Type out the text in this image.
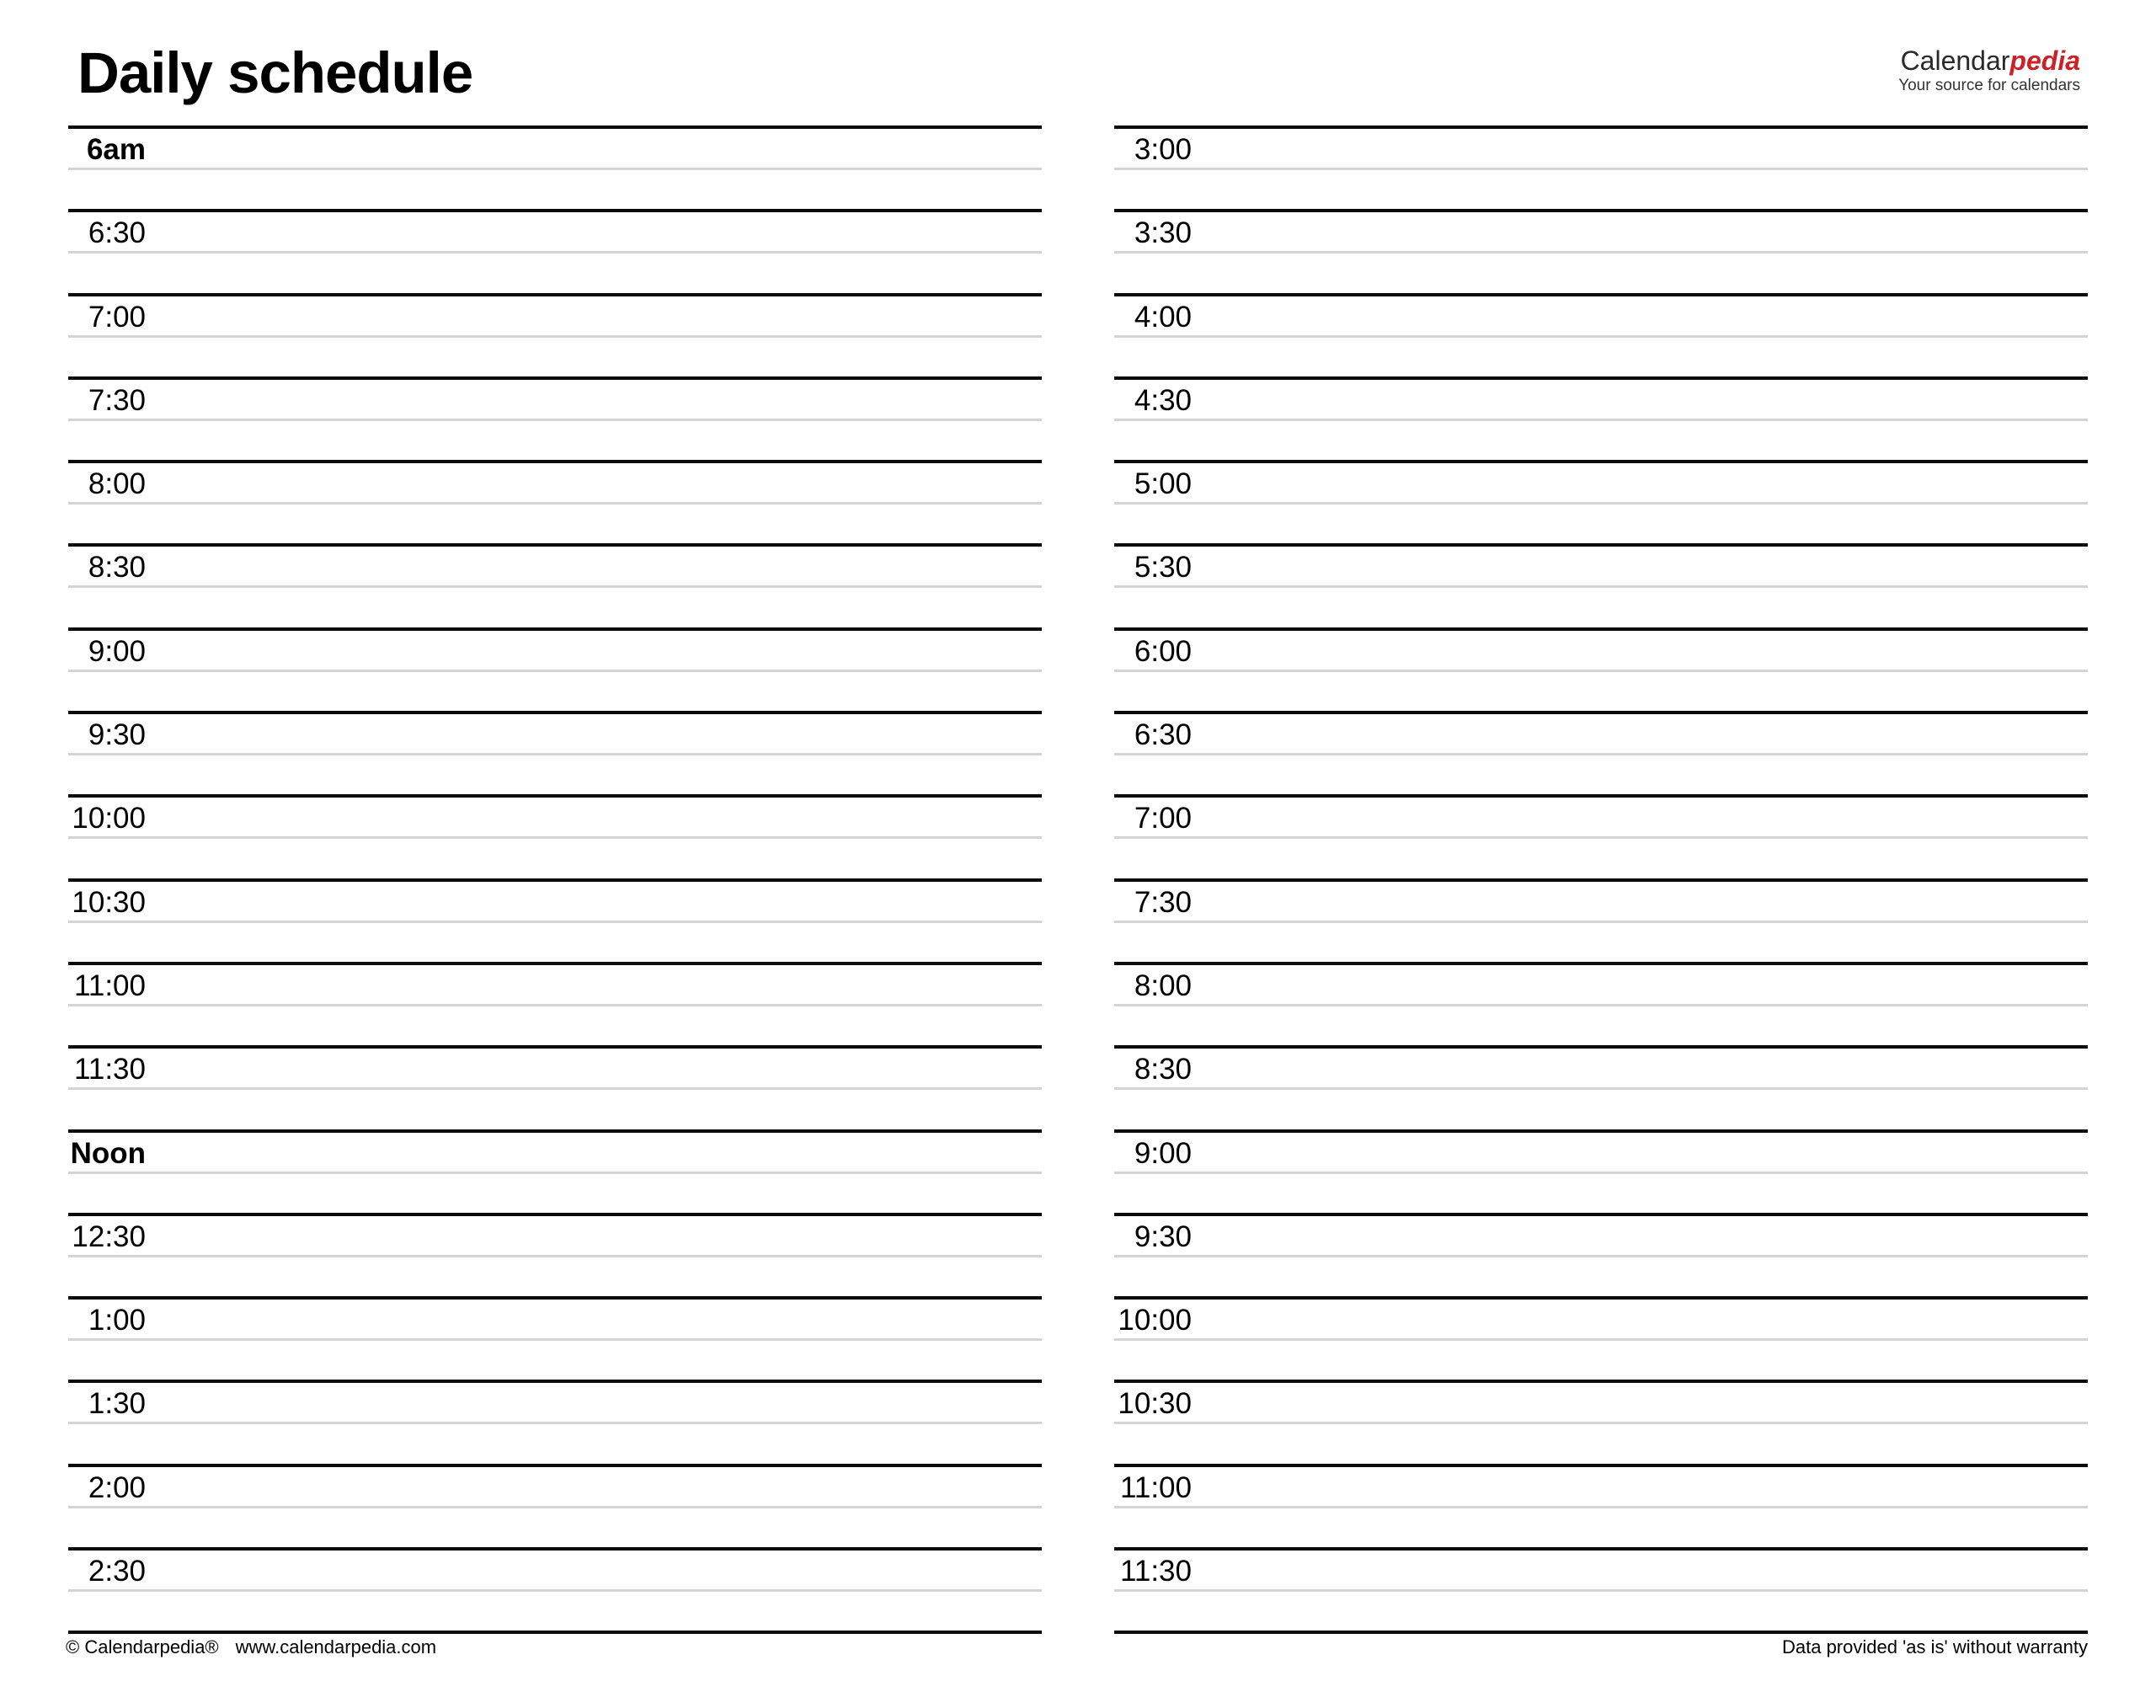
Daily schedule	Calendarpedia
Your source for calendars
6am
6:30
7:00
7:30
8:00
8:30
9:00
9:30
10:00
10:30
11:00
11:30
Noon
12:30
1:00
1:30
2:00
2:30
3:00
3:30
4:00
4:30
5:00
5:30
6:00
6:30
7:00
7:30
8:00
8:30
9:00
9:30
10:00
10:30
11:00
11:30
© Calendarpedia® www.calendarpedia.com	Data provided 'as is' without warranty
